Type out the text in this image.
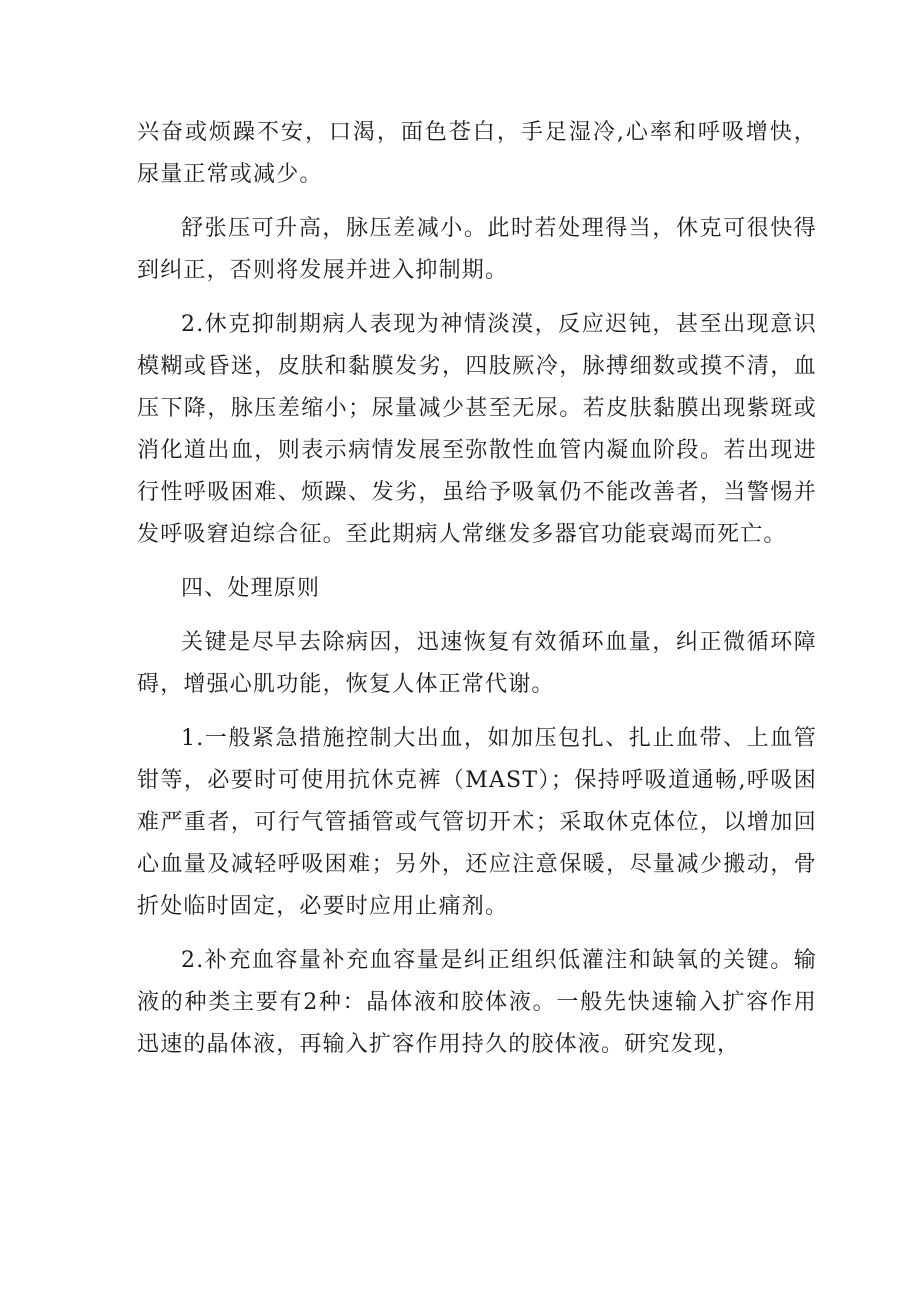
兴奋或烦躁不安，口渴，面色苍白，手足湿冷,心率和呼吸增快，尿量正常或减少。

舒张压可升高，脉压差减小。此时若处理得当，休克可很快得到纠正，否则将发展并进入抑制期。

2.休克抑制期病人表现为神情淡漠，反应迟钝，甚至出现意识模糊或昏迷，皮肤和黏膜发劣，四肢厥冷，脉搏细数或摸不清，血压下降，脉压差缩小；尿量减少甚至无尿。若皮肤黏膜出现紫斑或消化道出血，则表示病情发展至弥散性血管内凝血阶段。若出现进行性呼吸困难、烦躁、发劣，虽给予吸氧仍不能改善者，当警惕并发呼吸窘迫综合征。至此期病人常继发多器官功能衰竭而死亡。

四、处理原则

关键是尽早去除病因，迅速恢复有效循环血量，纠正微循环障碍，增强心肌功能，恢复人体正常代谢。

1.一般紧急措施控制大出血，如加压包扎、扎止血带、上血管钳等，必要时可使用抗休克裤（MAST）；保持呼吸道通畅,呼吸困难严重者，可行气管插管或气管切开术；采取休克体位，以增加回心血量及减轻呼吸困难；另外，还应注意保暖，尽量减少搬动，骨折处临时固定，必要时应用止痛剂。

2.补充血容量补充血容量是纠正组织低灌注和缺氧的关键。输液的种类主要有2种：晶体液和胶体液。一般先快速输入扩容作用迅速的晶体液，再输入扩容作用持久的胶体液。研究发现，
